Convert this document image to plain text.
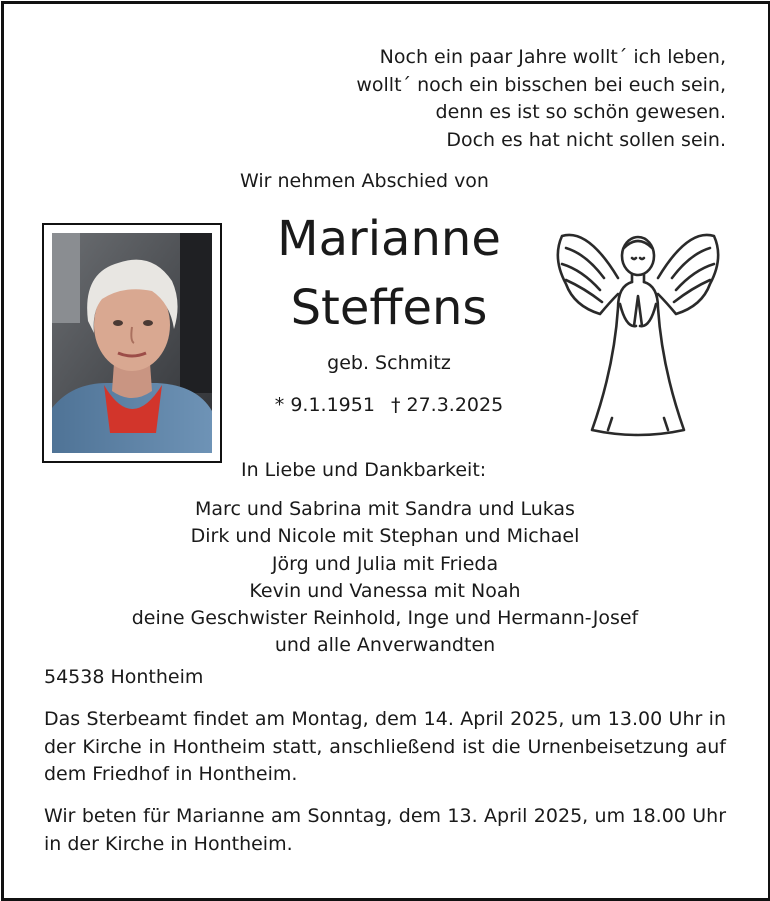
Noch ein paar Jahre wollt´ ich leben,
wollt´ noch ein bisschen bei euch sein,
denn es ist so schön gewesen.
Doch es hat nicht sollen sein.
Wir nehmen Abschied von
Marianne
Steffens
geb. Schmitz
* 9.1.1951 † 27.3.2025
In Liebe und Dankbarkeit:
Marc und Sabrina mit Sandra und Lukas
Dirk und Nicole mit Stephan und Michael
Jörg und Julia mit Frieda
Kevin und Vanessa mit Noah
deine Geschwister Reinhold, Inge und Hermann-Josef
und alle Anverwandten
54538 Hontheim
Das Sterbeamt findet am Montag, dem 14. April 2025, um 13.00 Uhr in der Kirche in Hontheim statt, anschließend ist die Urnenbeisetzung auf dem Friedhof in Hontheim.
Wir beten für Marianne am Sonntag, dem 13. April 2025, um 18.00 Uhr in der Kirche in Hontheim.
